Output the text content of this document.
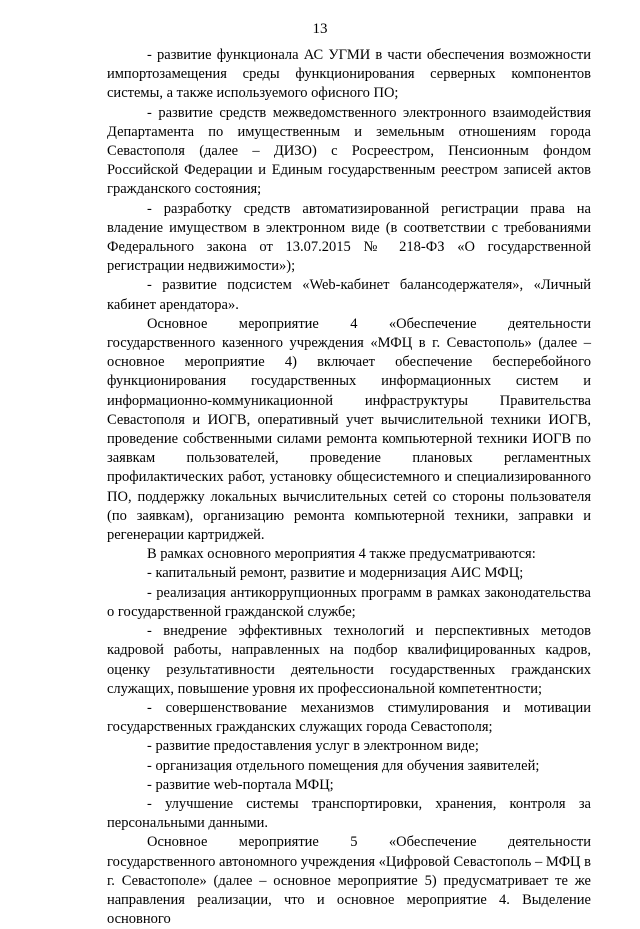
13

- развитие функционала АС УГМИ в части обеспечения возможности импортозамещения среды функционирования серверных компонентов системы, а также используемого офисного ПО;

- развитие средств межведомственного электронного взаимодействия Департамента по имущественным и земельным отношениям города Севастополя (далее – ДИЗО) с Росреестром, Пенсионным фондом Российской Федерации и Единым государственным реестром записей актов гражданского состояния;

- разработку средств автоматизированной регистрации права на владение имуществом в электронном виде (в соответствии с требованиями Федерального закона от 13.07.2015 № 218-ФЗ «О государственной регистрации недвижимости»);

- развитие подсистем «Web-кабинет балансодержателя», «Личный кабинет арендатора».

Основное мероприятие 4 «Обеспечение деятельности государственного казенного учреждения «МФЦ в г. Севастополь» (далее – основное мероприятие 4) включает обеспечение бесперебойного функционирования государственных информационных систем и информационно-коммуникационной инфраструктуры Правительства Севастополя и ИОГВ, оперативный учет вычислительной техники ИОГВ, проведение собственными силами ремонта компьютерной техники ИОГВ по заявкам пользователей, проведение плановых регламентных профилактических работ, установку общесистемного и специализированного ПО, поддержку локальных вычислительных сетей со стороны пользователя (по заявкам), организацию ремонта компьютерной техники, заправки и регенерации картриджей.

В рамках основного мероприятия 4 также предусматриваются:

- капитальный ремонт, развитие и модернизация АИС МФЦ;

- реализация антикоррупционных программ в рамках законодательства о государственной гражданской службе;

- внедрение эффективных технологий и перспективных методов кадровой работы, направленных на подбор квалифицированных кадров, оценку результативности деятельности государственных гражданских служащих, повышение уровня их профессиональной компетентности;

- совершенствование механизмов стимулирования и мотивации государственных гражданских служащих города Севастополя;

- развитие предоставления услуг в электронном виде;

- организация отдельного помещения для обучения заявителей;

- развитие web-портала МФЦ;

- улучшение системы транспортировки, хранения, контроля за персональными данными.

Основное мероприятие 5 «Обеспечение деятельности государственного автономного учреждения «Цифровой Севастополь – МФЦ в г. Севастополе» (далее – основное мероприятие 5) предусматривает те же направления реализации, что и основное мероприятие 4. Выделение основного
